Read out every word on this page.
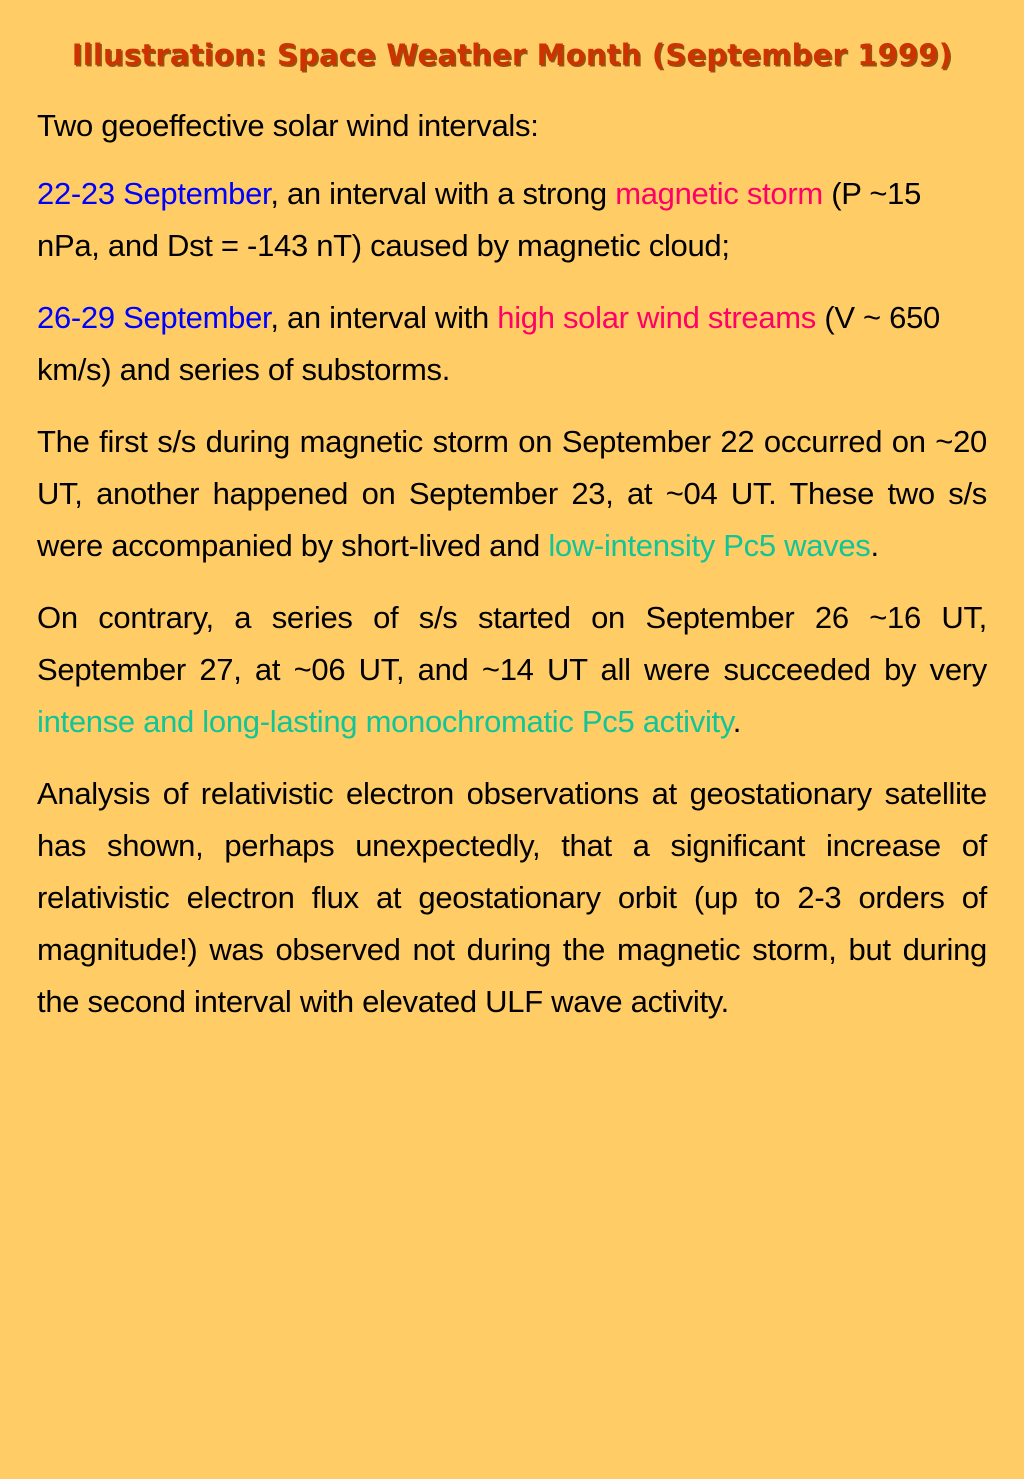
Illustration: Space Weather Month (September 1999)

Two geoeffective solar wind intervals:

22-23 September, an interval with a strong magnetic storm (P ~15 nPa, and Dst = -143 nT) caused by magnetic cloud;

26-29 September, an interval with high solar wind streams (V ~ 650 km/s) and series of substorms.

The first s/s during magnetic storm on September 22 occurred on ~20 UT, another happened on September 23, at ~04 UT. These two s/s were accompanied by short-lived and low-intensity Pc5 waves.

On contrary, a series of s/s started on September 26 ~16 UT, September 27, at ~06 UT, and ~14 UT all were succeeded by very intense and long-lasting monochromatic Pc5 activity.

Analysis of relativistic electron observations at geostationary satellite has shown, perhaps unexpectedly, that a significant increase of relativistic electron flux at geostationary orbit (up to 2-3 orders of magnitude!) was observed not during the magnetic storm, but during the second interval with elevated ULF wave activity.
